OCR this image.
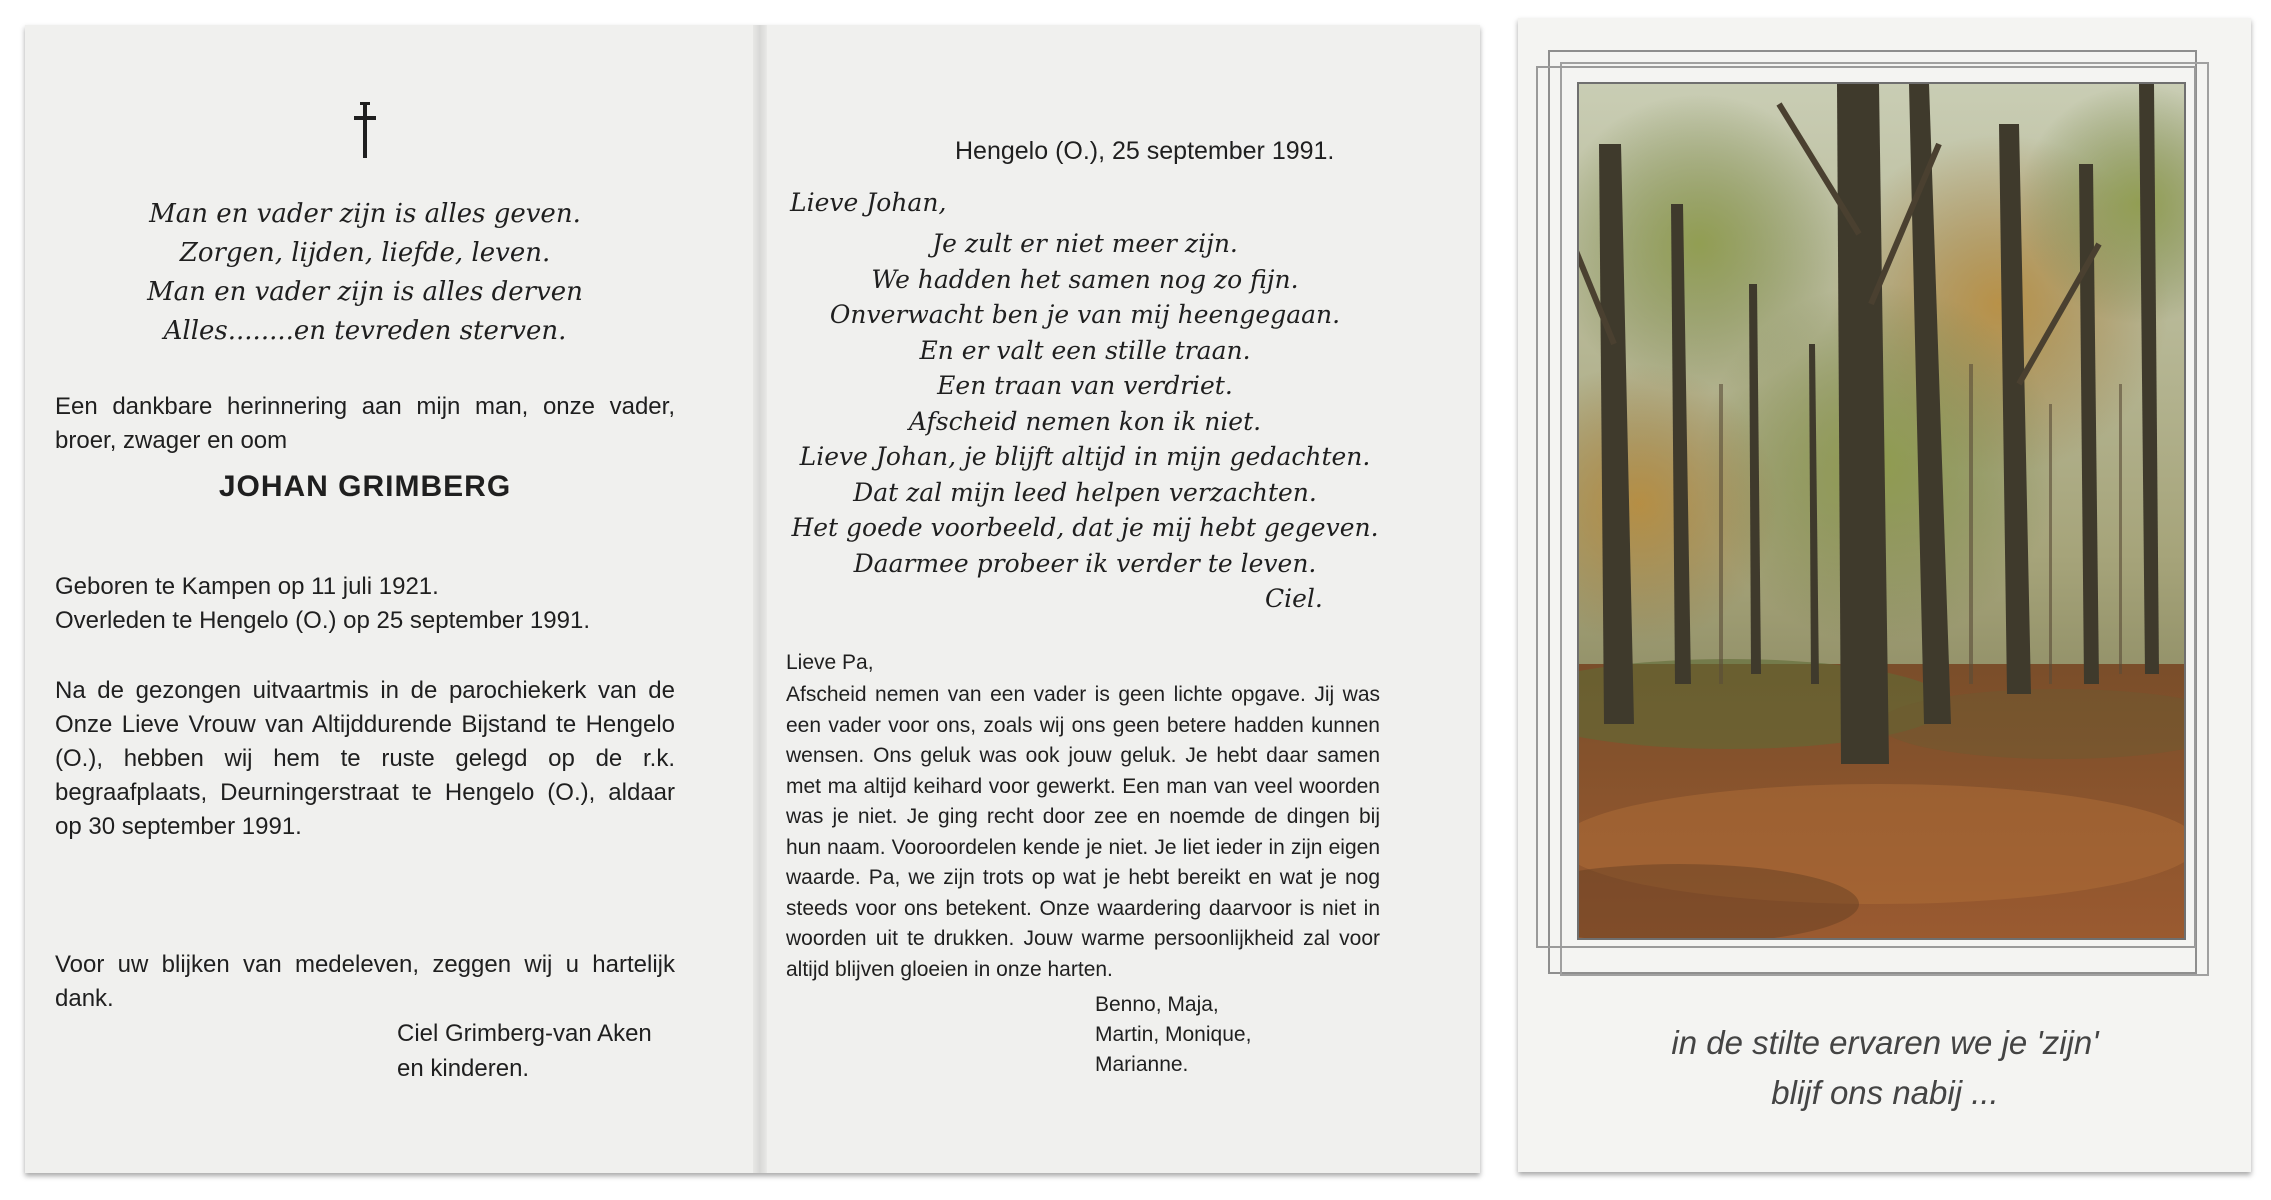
Man en vader zijn is alles geven.
Zorgen, lijden, liefde, leven.
Man en vader zijn is alles derven
Alles........en tevreden sterven.
Een dankbare herinnering aan mijn man, onze vader, broer, zwager en oom
JOHAN GRIMBERG
Geboren te Kampen op 11 juli 1921.
Overleden te Hengelo (O.) op 25 september 1991.
Na de gezongen uitvaartmis in de parochiekerk van de Onze Lieve Vrouw van Altijddurende Bijstand te Hengelo (O.), hebben wij hem te ruste gelegd op de r.k. begraafplaats, Deurningerstraat te Hengelo (O.), aldaar op 30 september 1991.
Voor uw blijken van medeleven, zeggen wij u hartelijk dank.
Ciel Grimberg-van Aken
en kinderen.
Hengelo (O.), 25 september 1991.
Lieve Johan,
Je zult er niet meer zijn.
We hadden het samen nog zo fijn.
Onverwacht ben je van mij heengegaan.
En er valt een stille traan.
Een traan van verdriet.
Afscheid nemen kon ik niet.
Lieve Johan, je blijft altijd in mijn gedachten.
Dat zal mijn leed helpen verzachten.
Het goede voorbeeld, dat je mij hebt gegeven.
Daarmee probeer ik verder te leven.
Ciel.
Lieve Pa,
Afscheid nemen van een vader is geen lichte opgave. Jij was een vader voor ons, zoals wij ons geen betere hadden kunnen wensen. Ons geluk was ook jouw geluk. Je hebt daar samen met ma altijd keihard voor gewerkt. Een man van veel woorden was je niet. Je ging recht door zee en noemde de dingen bij hun naam. Vooroordelen kende je niet. Je liet ieder in zijn eigen waarde. Pa, we zijn trots op wat je hebt bereikt en wat je nog steeds voor ons betekent. Onze waardering daarvoor is niet in woorden uit te drukken. Jouw warme persoonlijkheid zal voor altijd blijven gloeien in onze harten.
Benno, Maja,
Martin, Monique,
Marianne.
in de stilte ervaren we je 'zijn'
blijf ons nabij ...
